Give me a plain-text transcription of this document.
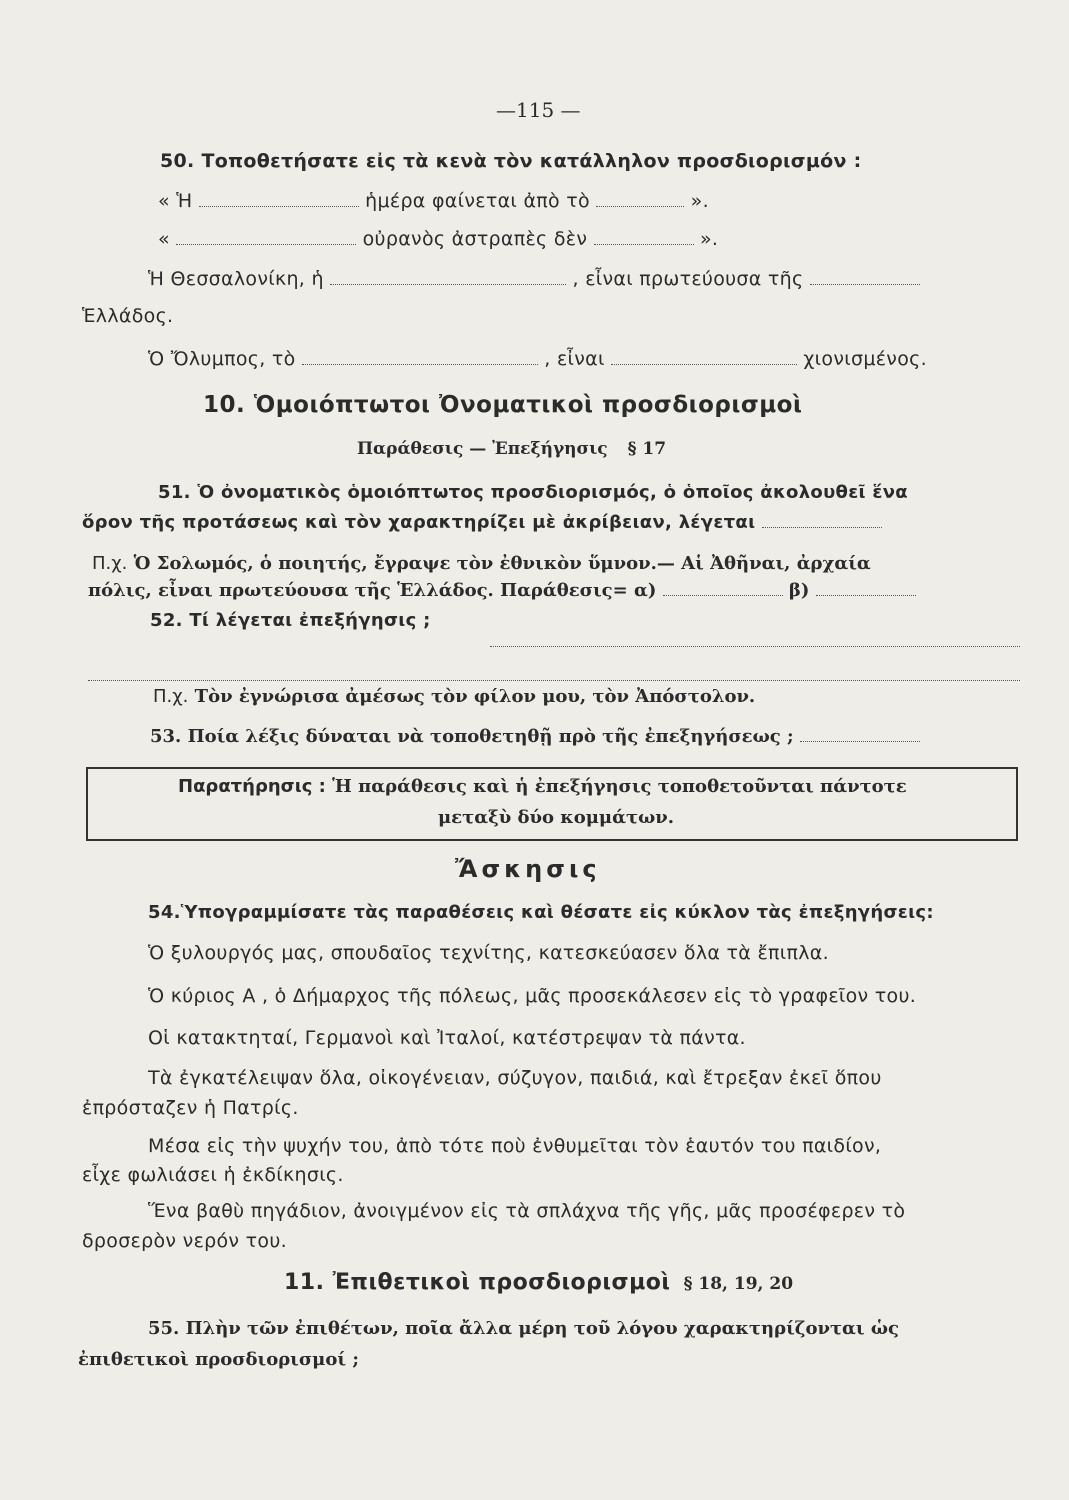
—115 —
50. Τοποθετήσατε εἰς τὰ κενὰ τὸν κατάλληλον προσδιορισμόν :
« Ἡ	ἡμέρα φαίνεται ἀπὸ τὸ	».
«	οὐρανὸς ἀστραπὲς δὲν	».
Ἡ Θεσσαλονίκη, ἡ	, εἶναι πρωτεύουσα τῆς
Ἑλλάδος.
Ὁ Ὄλυμπος, τὸ	, εἶναι	χιονισμένος.
10. Ὁμοιόπτωτοι Ὀνοματικοὶ προσδιορισμοὶ
Παράθεσις — Ἐπεξήγησις § 17
51. Ὁ ὀνοματικὸς ὁμοιόπτωτος προσδιορισμός, ὁ ὁποῖος ἀκολουθεῖ ἕνα
ὅρον τῆς προτάσεως καὶ τὸν χαρακτηρίζει μὲ ἀκρίβειαν, λέγεται
Π.χ. Ὁ Σολωμός, ὁ ποιητής, ἔγραψε τὸν ἐθνικὸν ὕμνον.— Αἱ Ἀθῆναι, ἀρχαία
πόλις, εἶναι πρωτεύουσα τῆς Ἑλλάδος. Παράθεσις= α)	β)
52. Τί λέγεται ἐπεξήγησις ;
Π.χ. Τὸν ἐγνώρισα ἀμέσως τὸν φίλον μου, τὸν Ἀπόστολον.
53. Ποία λέξις δύναται νὰ τοποθετηθῇ πρὸ τῆς ἐπεξηγήσεως ;
Παρατήρησις : Ἡ παράθεσις καὶ ἡ ἐπεξήγησις τοποθετοῦνται πάντοτε
μεταξὺ δύο κομμάτων.
Ἄσκησις
54.Ὑπογραμμίσατε τὰς παραθέσεις καὶ θέσατε εἰς κύκλον τὰς ἐπεξηγήσεις:
Ὁ ξυλουργός μας, σπουδαῖος τεχνίτης, κατεσκεύασεν ὅλα τὰ ἔπιπλα.
Ὁ κύριος Α , ὁ Δήμαρχος τῆς πόλεως, μᾶς προσεκάλεσεν εἰς τὸ γραφεῖον του.
Οἱ κατακτηταί, Γερμανοὶ καὶ Ἰταλοί, κατέστρεψαν τὰ πάντα.
Τὰ ἐγκατέλειψαν ὅλα, οἰκογένειαν, σύζυγον, παιδιά, καὶ ἔτρεξαν ἐκεῖ ὅπου
ἐπρόσταζεν ἡ Πατρίς.
Μέσα εἰς τὴν ψυχήν του, ἀπὸ τότε ποὺ ἐνθυμεῖται τὸν ἑαυτόν του παιδίον,
εἶχε φωλιάσει ἡ ἐκδίκησις.
Ἕνα βαθὺ πηγάδιον, ἀνοιγμένον εἰς τὰ σπλάχνα τῆς γῆς, μᾶς προσέφερεν τὸ
δροσερὸν νερόν του.
11. Ἐπιθετικοὶ προσδιορισμοὶ § 18, 19, 20
55. Πλὴν τῶν ἐπιθέτων, ποῖα ἄλλα μέρη τοῦ λόγου χαρακτηρίζονται ὡς
ἐπιθετικοὶ προσδιορισμοί ;
